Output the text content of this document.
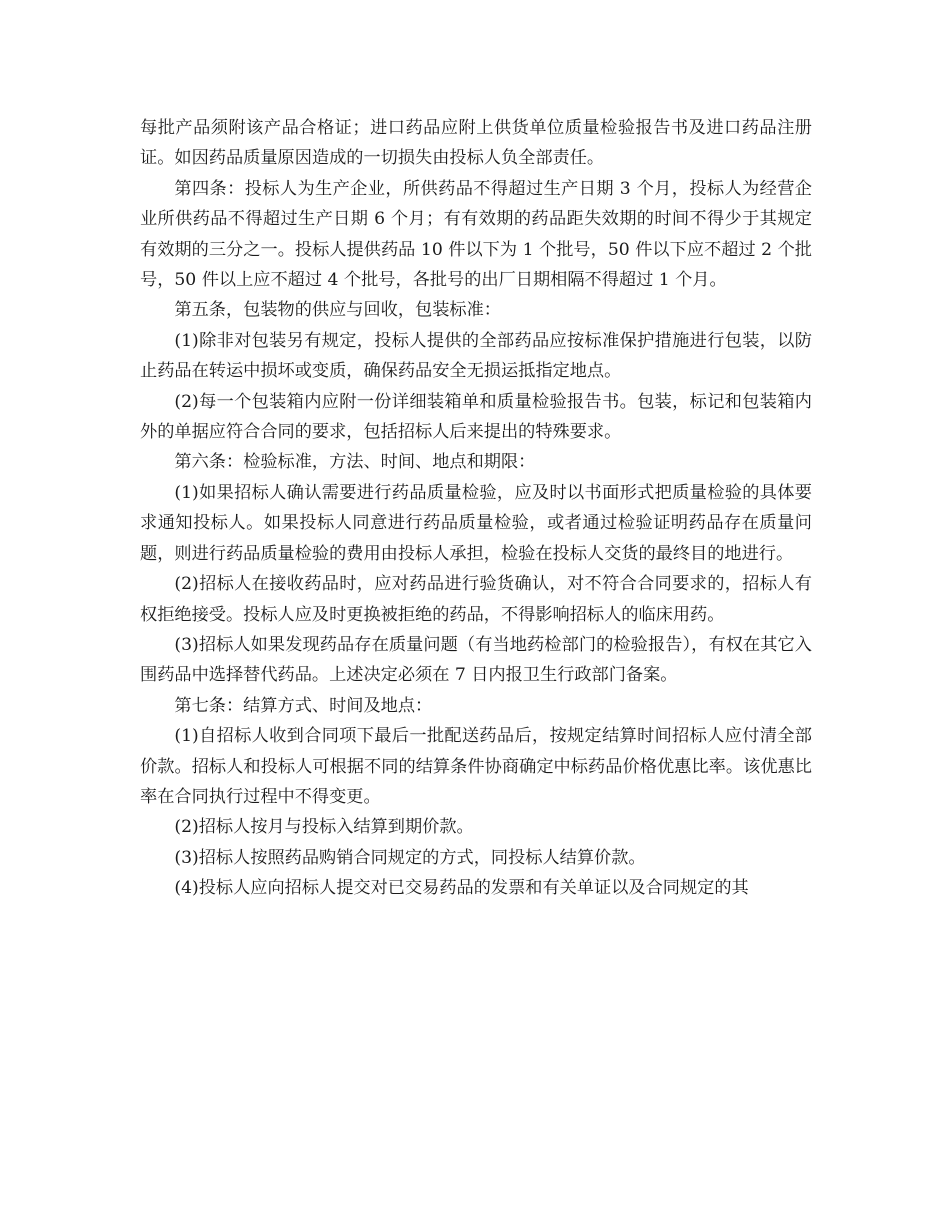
每批产品须附该产品合格证；进口药品应附上供货单位质量检验报告书及进口药品注册证。如因药品质量原因造成的一切损失由投标人负全部责任。

第四条：投标人为生产企业，所供药品不得超过生产日期 3 个月，投标人为经营企业所供药品不得超过生产日期 6 个月；有有效期的药品距失效期的时间不得少于其规定有效期的三分之一。投标人提供药品 10 件以下为 1 个批号，50 件以下应不超过 2 个批号，50 件以上应不超过 4 个批号，各批号的出厂日期相隔不得超过 1 个月。

第五条，包装物的供应与回收，包装标准：

(1)除非对包装另有规定，投标人提供的全部药品应按标准保护措施进行包装，以防止药品在转运中损坏或变质，确保药品安全无损运抵指定地点。

(2)每一个包装箱内应附一份详细装箱单和质量检验报告书。包装，标记和包装箱内外的单据应符合合同的要求，包括招标人后来提出的特殊要求。

第六条：检验标准，方法、时间、地点和期限：

(1)如果招标人确认需要进行药品质量检验，应及时以书面形式把质量检验的具体要求通知投标人。如果投标人同意进行药品质量检验，或者通过检验证明药品存在质量问题，则进行药品质量检验的费用由投标人承担，检验在投标人交货的最终目的地进行。

(2)招标人在接收药品时，应对药品进行验货确认，对不符合合同要求的，招标人有权拒绝接受。投标人应及时更换被拒绝的药品，不得影响招标人的临床用药。

(3)招标人如果发现药品存在质量问题（有当地药检部门的检验报告），有权在其它入围药品中选择替代药品。上述决定必须在 7 日内报卫生行政部门备案。

第七条：结算方式、时间及地点：

(1)自招标人收到合同项下最后一批配送药品后，按规定结算时间招标人应付清全部价款。招标人和投标人可根据不同的结算条件协商确定中标药品价格优惠比率。该优惠比率在合同执行过程中不得变更。

(2)招标人按月与投标入结算到期价款。

(3)招标人按照药品购销合同规定的方式，同投标人结算价款。

(4)投标人应向招标人提交对已交易药品的发票和有关单证以及合同规定的其
